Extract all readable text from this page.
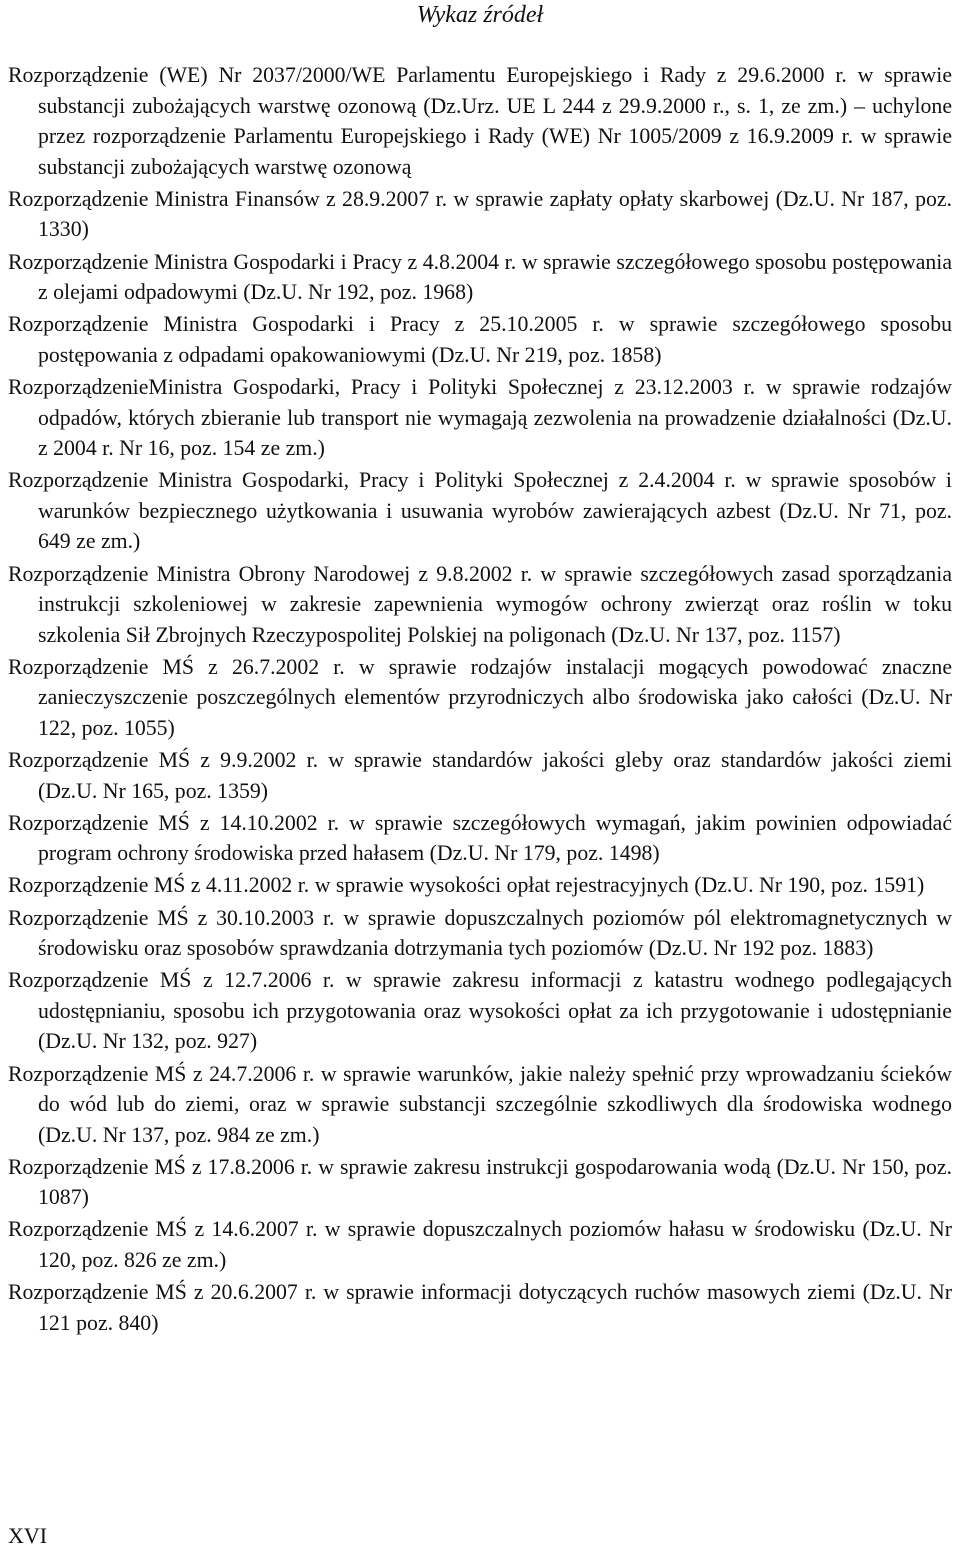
Wykaz źródeł
Rozporządzenie (WE) Nr 2037/2000/WE Parlamentu Europejskiego i Rady z 29.6.2000 r. w sprawie substancji zubożających warstwę ozonową (Dz.Urz. UE L 244 z 29.9.2000 r., s. 1, ze zm.) – uchylone przez rozporządzenie Parlamentu Europejskiego i Rady (WE) Nr 1005/2009 z 16.9.2009 r. w sprawie substancji zubożających warstwę ozonową
Rozporządzenie Ministra Finansów z 28.9.2007 r. w sprawie zapłaty opłaty skarbowej (Dz.U. Nr 187, poz. 1330)
Rozporządzenie Ministra Gospodarki i Pracy z 4.8.2004 r. w sprawie szczegółowego sposobu postępowania z olejami odpadowymi (Dz.U. Nr 192, poz. 1968)
Rozporządzenie Ministra Gospodarki i Pracy z 25.10.2005 r. w sprawie szczegółowego sposobu postępowania z odpadami opakowaniowymi (Dz.U. Nr 219, poz. 1858)
RozporządzenieMinistra Gospodarki, Pracy i Polityki Społecznej z 23.12.2003 r. w sprawie rodzajów odpadów, których zbieranie lub transport nie wymagają zezwolenia na prowadzenie działalności (Dz.U. z 2004 r. Nr 16, poz. 154 ze zm.)
Rozporządzenie Ministra Gospodarki, Pracy i Polityki Społecznej z 2.4.2004 r. w sprawie sposobów i warunków bezpiecznego użytkowania i usuwania wyrobów zawierających azbest (Dz.U. Nr 71, poz. 649 ze zm.)
Rozporządzenie Ministra Obrony Narodowej z 9.8.2002 r. w sprawie szczegółowych zasad sporządzania instrukcji szkoleniowej w zakresie zapewnienia wymogów ochrony zwierząt oraz roślin w toku szkolenia Sił Zbrojnych Rzeczypospolitej Polskiej na poligonach (Dz.U. Nr 137, poz. 1157)
Rozporządzenie MŚ z 26.7.2002 r. w sprawie rodzajów instalacji mogących powodować znaczne zanieczyszczenie poszczególnych elementów przyrodniczych albo środowiska jako całości (Dz.U. Nr 122, poz. 1055)
Rozporządzenie MŚ z 9.9.2002 r. w sprawie standardów jakości gleby oraz standardów jakości ziemi (Dz.U. Nr 165, poz. 1359)
Rozporządzenie MŚ z 14.10.2002 r. w sprawie szczegółowych wymagań, jakim powinien odpowiadać program ochrony środowiska przed hałasem (Dz.U. Nr 179, poz. 1498)
Rozporządzenie MŚ z 4.11.2002 r. w sprawie wysokości opłat rejestracyjnych (Dz.U. Nr 190, poz. 1591)
Rozporządzenie MŚ z 30.10.2003 r. w sprawie dopuszczalnych poziomów pól elektromagnetycznych w środowisku oraz sposobów sprawdzania dotrzymania tych poziomów (Dz.U. Nr 192 poz. 1883)
Rozporządzenie MŚ z 12.7.2006 r. w sprawie zakresu informacji z katastru wodnego podlegających udostępnianiu, sposobu ich przygotowania oraz wysokości opłat za ich przygotowanie i udostępnianie (Dz.U. Nr 132, poz. 927)
Rozporządzenie MŚ z 24.7.2006 r. w sprawie warunków, jakie należy spełnić przy wprowadzaniu ścieków do wód lub do ziemi, oraz w sprawie substancji szczególnie szkodliwych dla środowiska wodnego (Dz.U. Nr 137, poz. 984 ze zm.)
Rozporządzenie MŚ z 17.8.2006 r. w sprawie zakresu instrukcji gospodarowania wodą (Dz.U. Nr 150, poz. 1087)
Rozporządzenie MŚ z 14.6.2007 r. w sprawie dopuszczalnych poziomów hałasu w środowisku (Dz.U. Nr 120, poz. 826 ze zm.)
Rozporządzenie MŚ z 20.6.2007 r. w sprawie informacji dotyczących ruchów masowych ziemi (Dz.U. Nr 121 poz. 840)
XVI
